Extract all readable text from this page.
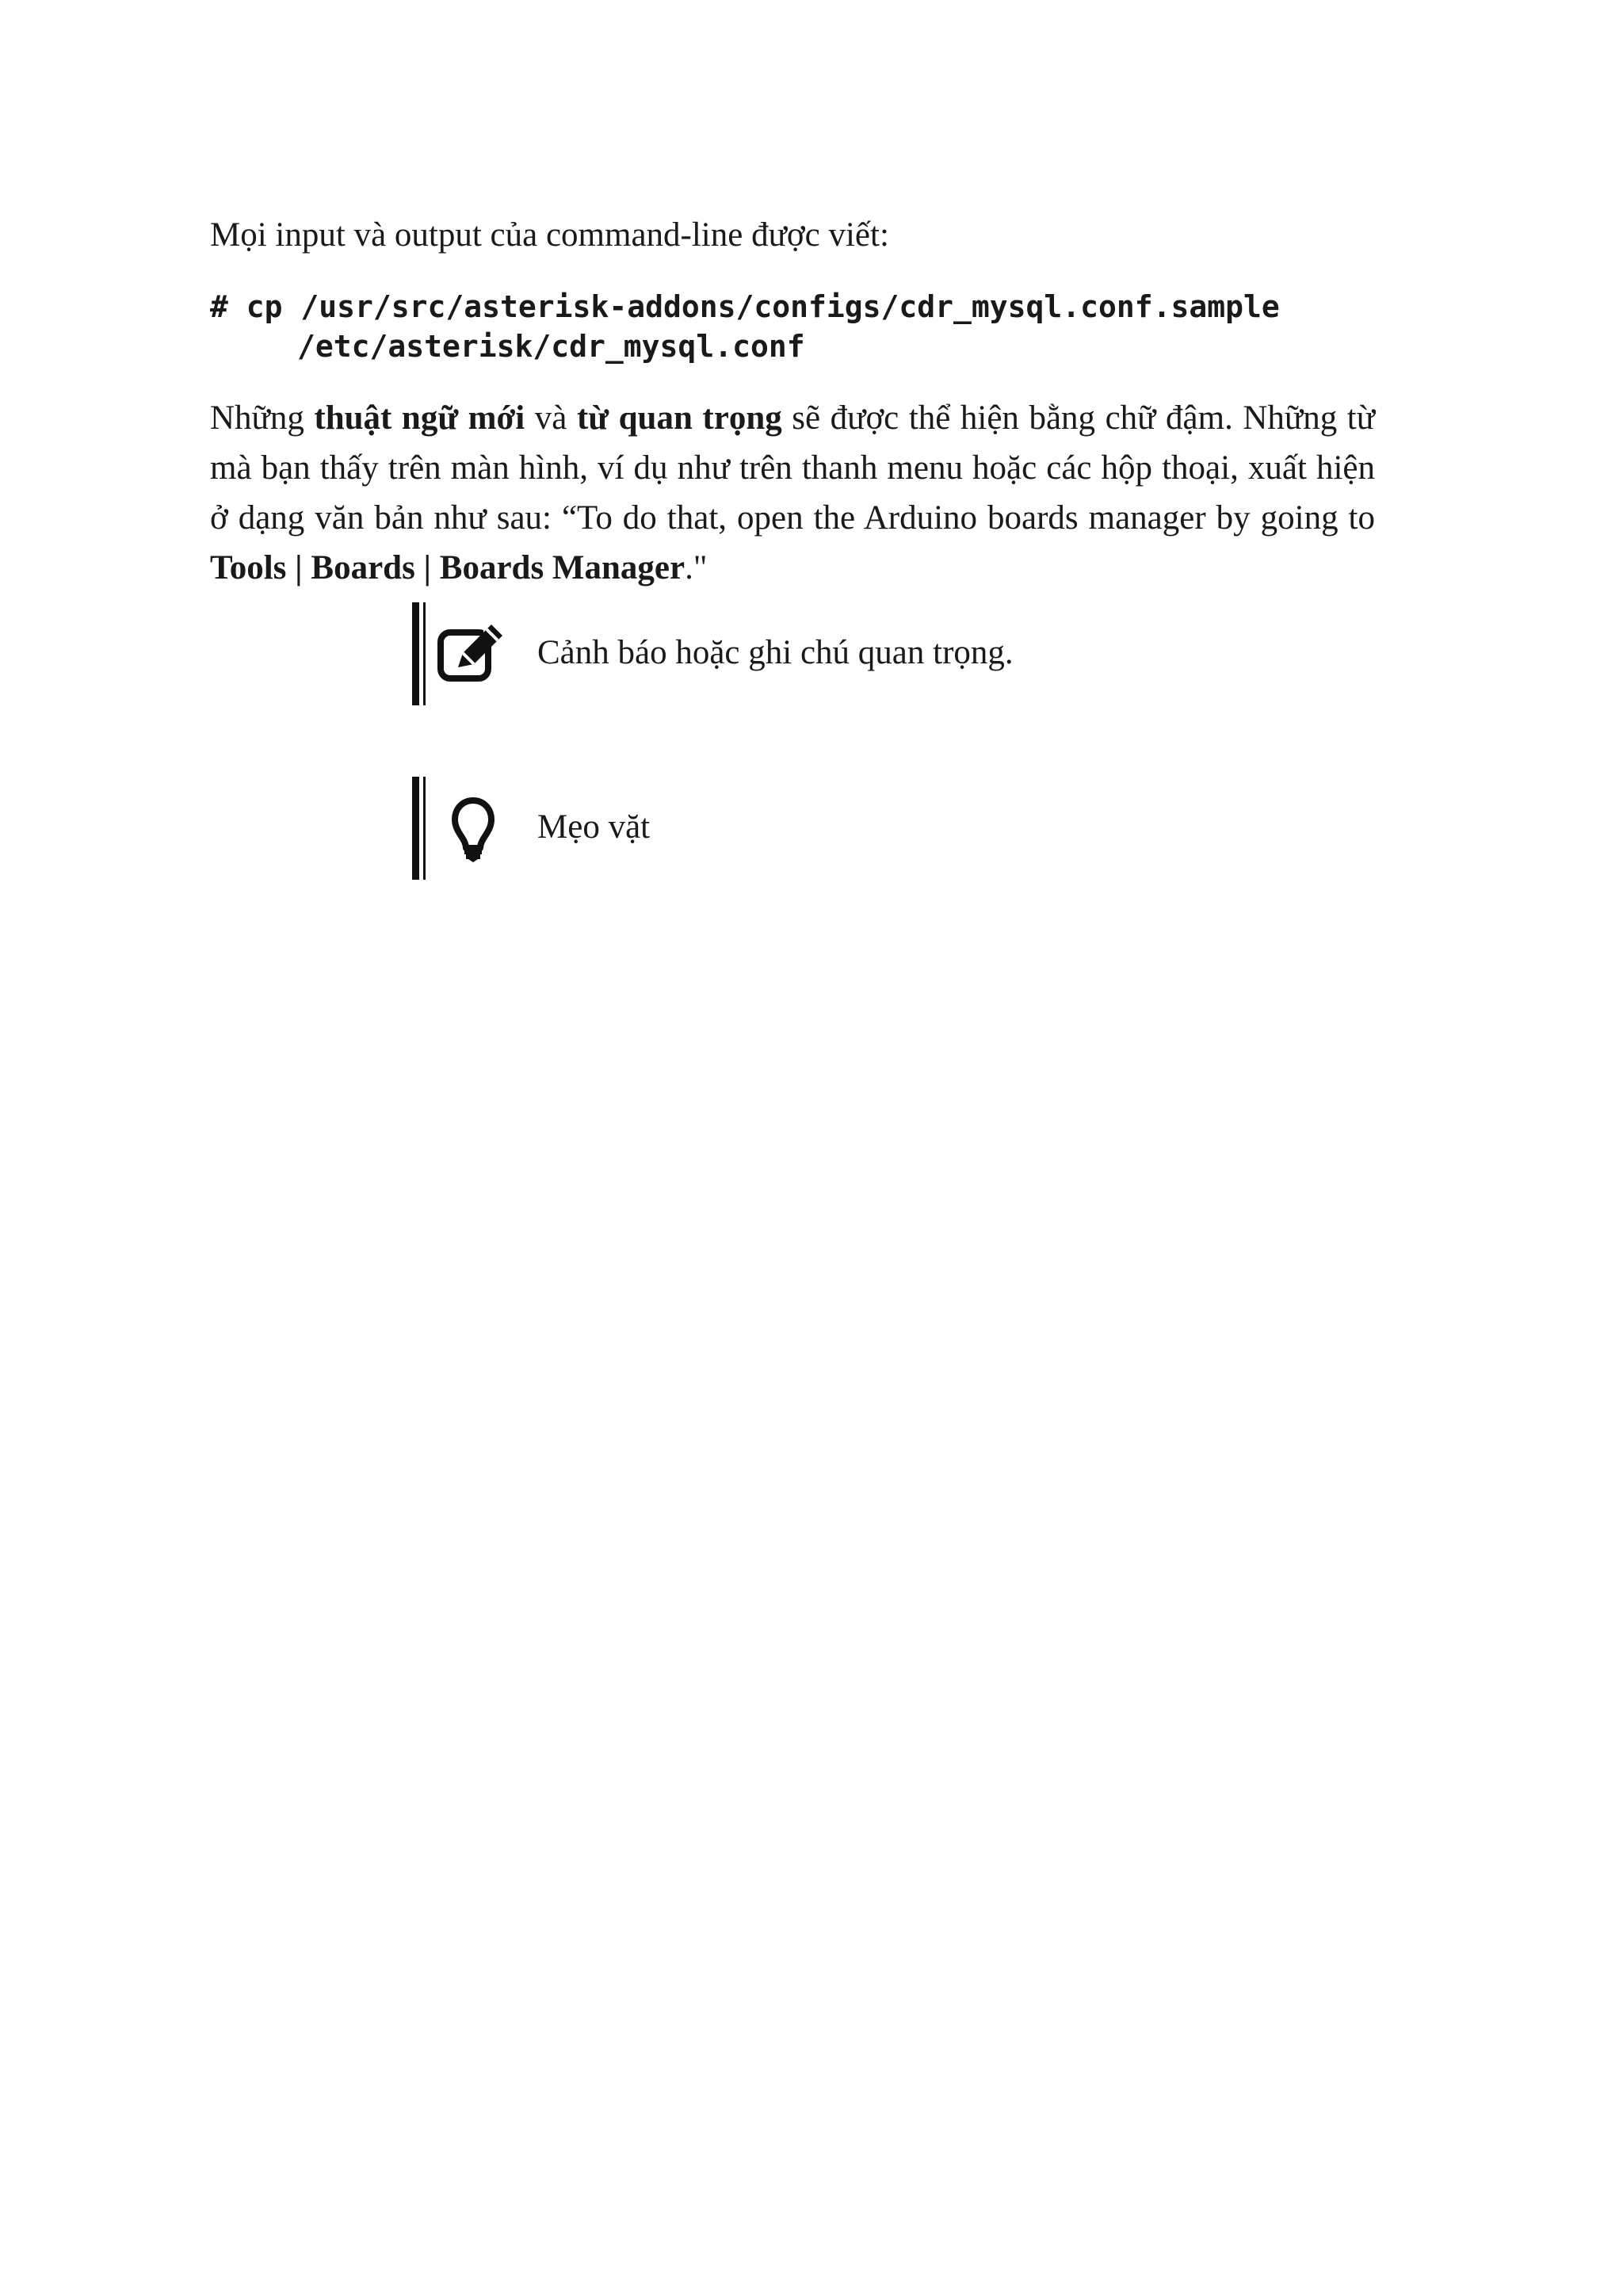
Mọi input và output của command-line được viết:

# cp /usr/src/asterisk-addons/configs/cdr_mysql.conf.sample
/etc/asterisk/cdr_mysql.conf

Những thuật ngữ mới và từ quan trọng sẽ được thể hiện bằng chữ đậm. Những từ mà bạn thấy trên màn hình, ví dụ như trên thanh menu hoặc các hộp thoại, xuất hiện ở dạng văn bản như sau: “To do that, open the Arduino boards manager by going to Tools | Boards | Boards Manager."

Cảnh báo hoặc ghi chú quan trọng.
Mẹo vặt
